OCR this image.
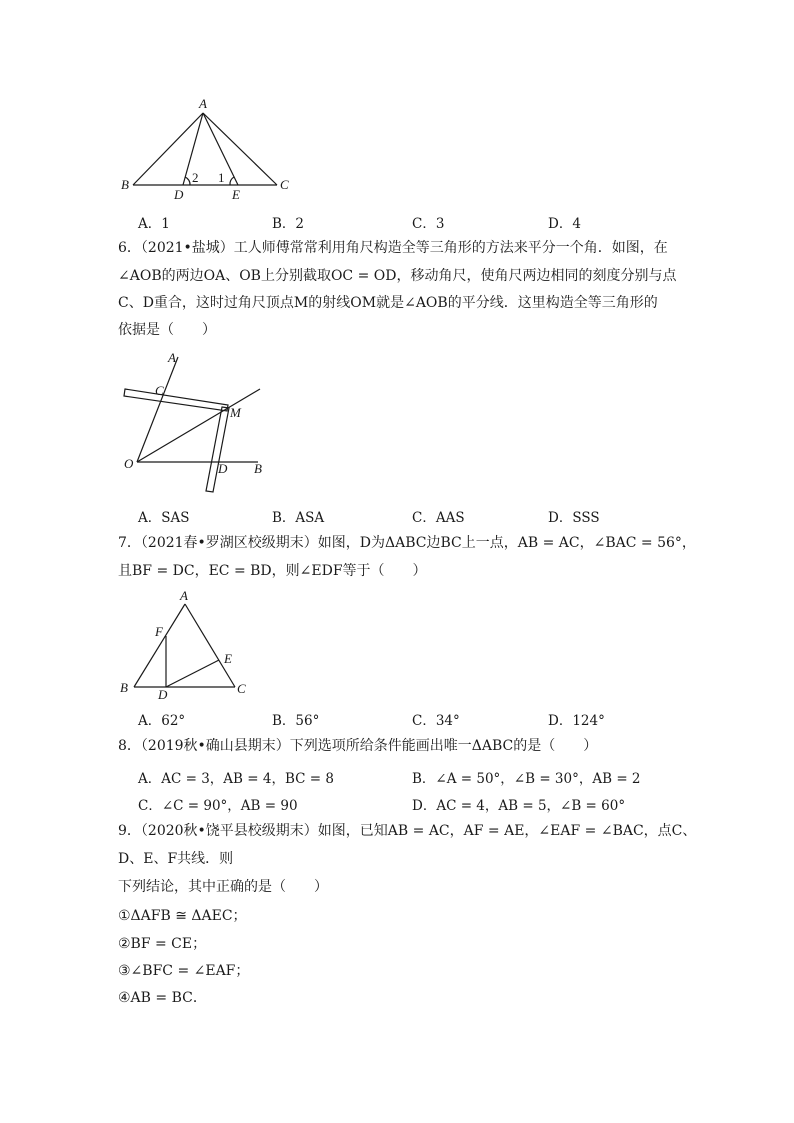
A
B	C
D	E
2 1
A．1	B．2	C．3	D．4
6．（2021•盐城）工人师傅常常利用角尺构造全等三角形的方法来平分一个角．如图，在
∠AOB的两边OA、OB上分别截取OC = OD，移动角尺，使角尺两边相同的刻度分别与点
C、D重合，这时过角尺顶点M的射线OM就是∠AOB的平分线．这里构造全等三角形的
依据是（　　）
A
C
M
O	D B
A．SAS	B．ASA	C．AAS	D．SSS
7．（2021春•罗湖区校级期末）如图，D为ΔABC边BC上一点，AB = AC，∠BAC = 56°，
且BF = DC，EC = BD，则∠EDF等于（　　）
A
F
E
B D	C
A．62°	B．56°	C．34°	D．124°
8．（2019秋•确山县期末）下列选项所给条件能画出唯一ΔABC的是（　　）
A．AC = 3，AB = 4，BC = 8	B．∠A = 50°，∠B = 30°，AB = 2
C．∠C = 90°，AB = 90	D．AC = 4，AB = 5，∠B = 60°
9．（2020秋•饶平县校级期末）如图，已知AB = AC，AF = AE，∠EAF = ∠BAC，点C、
D、E、F共线．则
下列结论，其中正确的是（　　）
①ΔAFB ≅ ΔAEC；
②BF = CE；
③∠BFC = ∠EAF；
④AB = BC．
